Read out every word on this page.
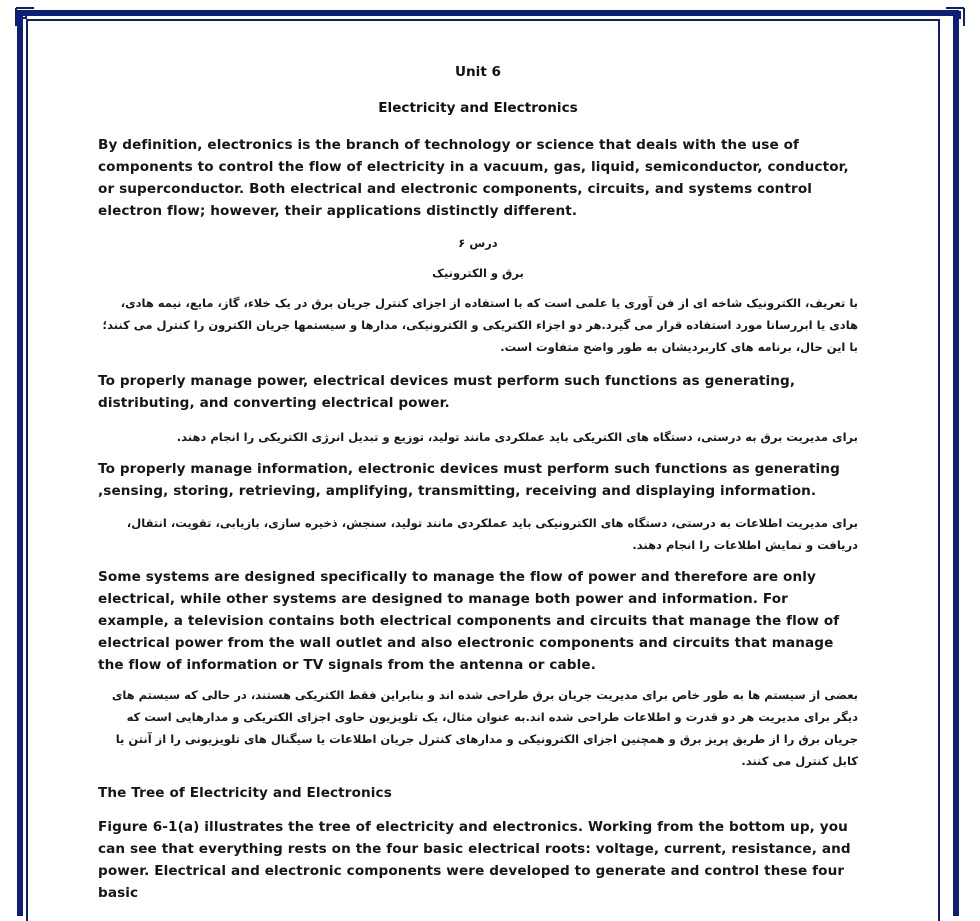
Unit 6
Electricity and Electronics

By definition, electronics is the branch of technology or science that deals with the use of components to control the flow of electricity in a vacuum, gas, liquid, semiconductor, conductor, or superconductor. Both electrical and electronic components, circuits, and systems control electron flow; however, their applications distinctly different.

درس ۶
برق و الکترونیک

با تعریف، الکترونیک شاخه ای از فن آوری یا علمی است که با استفاده از اجزای کنترل جریان برق در یک خلاء، گاز، مایع، نیمه هادی، هادی یا ابررسانا مورد استفاده قرار می گیرد.هر دو اجزاء الکتریکی و الکترونیکی، مدارها و سیستمها جریان الکترون را کنترل می کنند؛ با این حال، برنامه های کاربردیشان به طور واضح متفاوت است.

To properly manage power, electrical devices must perform such functions as generating, distributing, and converting electrical power.

برای مدیریت برق به درستی، دستگاه های الکتریکی باید عملکردی مانند تولید، توزیع و تبدیل انرژی الکتریکی را انجام دهند.

To properly manage information, electronic devices must perform such functions as generating ,sensing, storing, retrieving, amplifying, transmitting, receiving and displaying information.

برای مدیریت اطلاعات به درستی، دستگاه های الکترونیکی باید عملکردی مانند تولید، سنجش، ذخیره سازی، بازیابی، تقویت، انتقال، دریافت و نمایش اطلاعات را انجام دهند.

Some systems are designed specifically to manage the flow of power and therefore are only electrical, while other systems are designed to manage both power and information. For example, a television contains both electrical components and circuits that manage the flow of electrical power from the wall outlet and also electronic components and circuits that manage the flow of information or TV signals from the antenna or cable.

بعضی از سیستم ها به طور خاص برای مدیریت جریان برق طراحی شده اند و بنابراین فقط الکتریکی هستند، در حالی که سیستم های دیگر برای مدیریت هر دو قدرت و اطلاعات طراحی شده اند.به عنوان مثال، یک تلویزیون حاوی اجزای الکتریکی و مدارهایی است که جریان برق را از طریق پریز برق و همچنین اجزای الکترونیکی و مدارهای کنترل جریان اطلاعات یا سیگنال های تلویزیونی را از آنتن یا کابل کنترل می کنند.

The Tree of Electricity and Electronics

Figure 6-1(a) illustrates the tree of electricity and electronics. Working from the bottom up, you can see that everything rests on the four basic electrical roots: voltage, current, resistance, and power. Electrical and electronic components were developed to generate and control these four basic
